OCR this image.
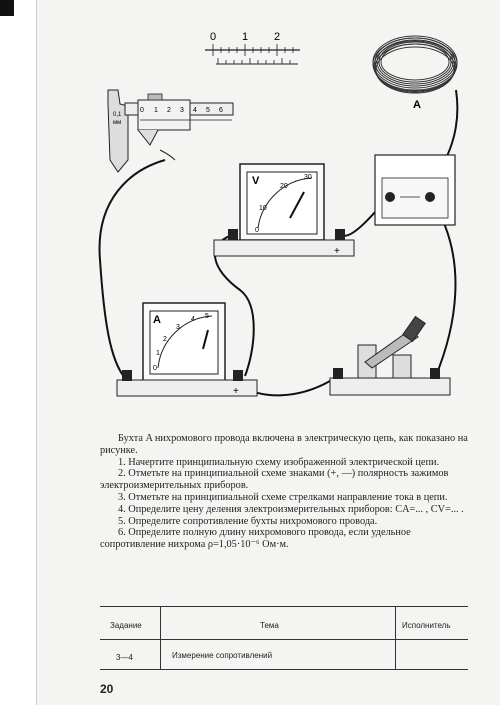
0 1 2
A
0,1 мм
0 1 2 3 4 5 6
V
0
10
20
30
+
A
0
1
2
3
4 5
+

Бухта A нихромового провода включена в электрическую цепь, как показано на рисунке.

1. Начертите принципиальную схему изображенной электрической цепи.

2. Отметьте на принципиальной схеме знаками (+, —) полярность зажимов электроизмерительных приборов.

3. Отметьте на принципиальной схеме стрелками направление тока в цепи.

4. Определите цену деления электроизмерительных приборов: CA=... , CV=... .

5. Определите сопротивление бухты нихромового провода.

6. Определите полную длину нихромового провода, если удельное сопротивление нихрома ρ=1,05·10⁻⁶ Ом·м.

Задание	Тема	Исполнитель
3—4	Измерение сопротивлений
20
